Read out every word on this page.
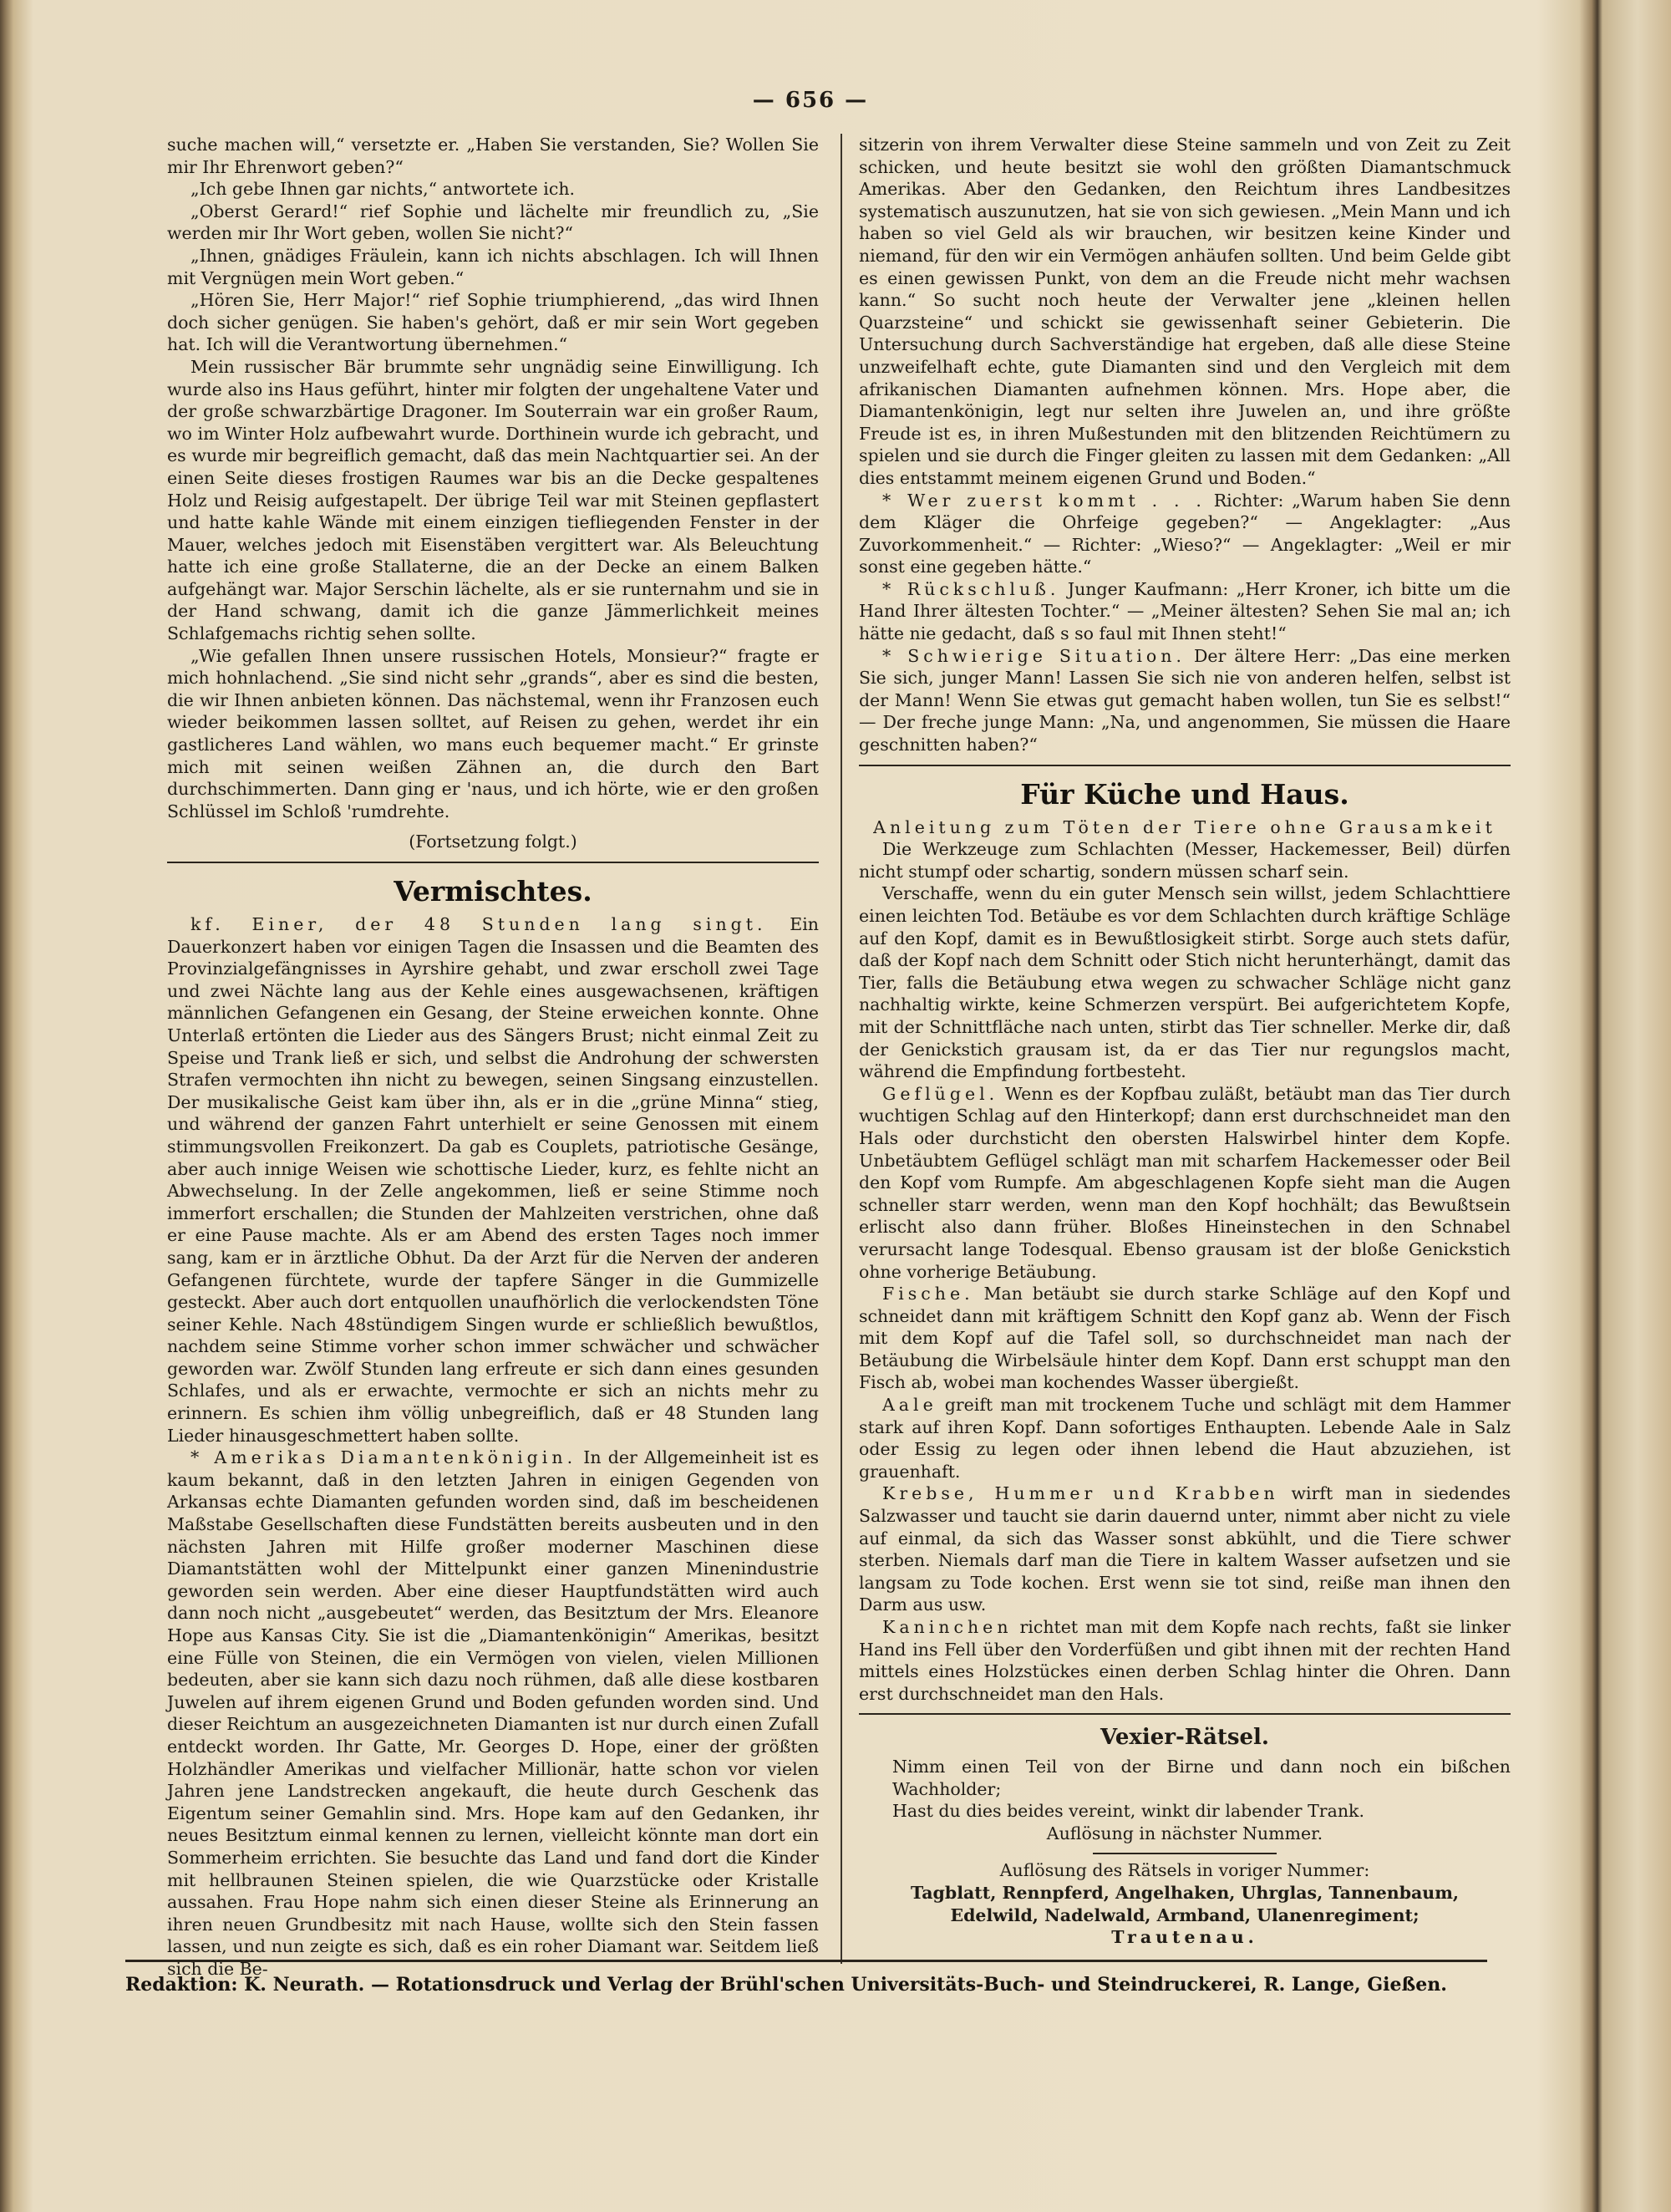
— 656 —

suche machen will,“ versetzte er. „Haben Sie verstanden, Sie? Wollen Sie mir Ihr Ehrenwort geben?“

„Ich gebe Ihnen gar nichts,“ antwortete ich.

„Oberst Gerard!“ rief Sophie und lächelte mir freundlich zu, „Sie werden mir Ihr Wort geben, wollen Sie nicht?“

„Ihnen, gnädiges Fräulein, kann ich nichts abschlagen. Ich will Ihnen mit Vergnügen mein Wort geben.“

„Hören Sie, Herr Major!“ rief Sophie triumphierend, „das wird Ihnen doch sicher genügen. Sie haben's gehört, daß er mir sein Wort gegeben hat. Ich will die Verantwortung übernehmen.“

Mein russischer Bär brummte sehr ungnädig seine Einwilligung. Ich wurde also ins Haus geführt, hinter mir folgten der ungehaltene Vater und der große schwarzbärtige Dragoner. Im Souterrain war ein großer Raum, wo im Winter Holz aufbewahrt wurde. Dorthinein wurde ich gebracht, und es wurde mir begreiflich gemacht, daß das mein Nachtquartier sei. An der einen Seite dieses frostigen Raumes war bis an die Decke gespaltenes Holz und Reisig aufgestapelt. Der übrige Teil war mit Steinen gepflastert und hatte kahle Wände mit einem einzigen tiefliegenden Fenster in der Mauer, welches jedoch mit Eisenstäben vergittert war. Als Beleuchtung hatte ich eine große Stallaterne, die an der Decke an einem Balken aufgehängt war. Major Serschin lächelte, als er sie runternahm und sie in der Hand schwang, damit ich die ganze Jämmerlichkeit meines Schlafgemachs richtig sehen sollte.

„Wie gefallen Ihnen unsere russischen Hotels, Monsieur?“ fragte er mich hohnlachend. „Sie sind nicht sehr „grands“, aber es sind die besten, die wir Ihnen anbieten können. Das nächstemal, wenn ihr Franzosen euch wieder beikommen lassen solltet, auf Reisen zu gehen, werdet ihr ein gastlicheres Land wählen, wo mans euch bequemer macht.“ Er grinste mich mit seinen weißen Zähnen an, die durch den Bart durchschimmerten. Dann ging er 'naus, und ich hörte, wie er den großen Schlüssel im Schloß 'rumdrehte.

(Fortsetzung folgt.)
Vermischtes.

kf. Einer, der 48 Stunden lang singt. Ein Dauerkonzert haben vor einigen Tagen die Insassen und die Beamten des Provinzialgefängnisses in Ayrshire gehabt, und zwar erscholl zwei Tage und zwei Nächte lang aus der Kehle eines ausgewachsenen, kräftigen männlichen Gefangenen ein Gesang, der Steine erweichen konnte. Ohne Unterlaß ertönten die Lieder aus des Sängers Brust; nicht einmal Zeit zu Speise und Trank ließ er sich, und selbst die Androhung der schwersten Strafen vermochten ihn nicht zu bewegen, seinen Singsang einzustellen. Der musikalische Geist kam über ihn, als er in die „grüne Minna“ stieg, und während der ganzen Fahrt unterhielt er seine Genossen mit einem stimmungsvollen Freikonzert. Da gab es Couplets, patriotische Gesänge, aber auch innige Weisen wie schottische Lieder, kurz, es fehlte nicht an Abwechselung. In der Zelle angekommen, ließ er seine Stimme noch immerfort erschallen; die Stunden der Mahlzeiten verstrichen, ohne daß er eine Pause machte. Als er am Abend des ersten Tages noch immer sang, kam er in ärztliche Obhut. Da der Arzt für die Nerven der anderen Gefangenen fürchtete, wurde der tapfere Sänger in die Gummizelle gesteckt. Aber auch dort entquollen unaufhörlich die verlockendsten Töne seiner Kehle. Nach 48stündigem Singen wurde er schließlich bewußtlos, nachdem seine Stimme vorher schon immer schwächer und schwächer geworden war. Zwölf Stunden lang erfreute er sich dann eines gesunden Schlafes, und als er erwachte, vermochte er sich an nichts mehr zu erinnern. Es schien ihm völlig unbegreiflich, daß er 48 Stunden lang Lieder hinausgeschmettert haben sollte.

* Amerikas Diamantenkönigin. In der Allgemeinheit ist es kaum bekannt, daß in den letzten Jahren in einigen Gegenden von Arkansas echte Diamanten gefunden worden sind, daß im bescheidenen Maßstabe Gesellschaften diese Fundstätten bereits ausbeuten und in den nächsten Jahren mit Hilfe großer moderner Maschinen diese Diamantstätten wohl der Mittelpunkt einer ganzen Minenindustrie geworden sein werden. Aber eine dieser Hauptfundstätten wird auch dann noch nicht „ausgebeutet“ werden, das Besitztum der Mrs. Eleanore Hope aus Kansas City. Sie ist die „Diamantenkönigin“ Amerikas, besitzt eine Fülle von Steinen, die ein Vermögen von vielen, vielen Millionen bedeuten, aber sie kann sich dazu noch rühmen, daß alle diese kostbaren Juwelen auf ihrem eigenen Grund und Boden gefunden worden sind. Und dieser Reichtum an ausgezeichneten Diamanten ist nur durch einen Zufall entdeckt worden. Ihr Gatte, Mr. Georges D. Hope, einer der größten Holzhändler Amerikas und vielfacher Millionär, hatte schon vor vielen Jahren jene Landstrecken angekauft, die heute durch Geschenk das Eigentum seiner Gemahlin sind. Mrs. Hope kam auf den Gedanken, ihr neues Besitztum einmal kennen zu lernen, vielleicht könnte man dort ein Sommerheim errichten. Sie besuchte das Land und fand dort die Kinder mit hellbraunen Steinen spielen, die wie Quarzstücke oder Kristalle aussahen. Frau Hope nahm sich einen dieser Steine als Erinnerung an ihren neuen Grundbesitz mit nach Hause, wollte sich den Stein fassen lassen, und nun zeigte es sich, daß es ein roher Diamant war. Seitdem ließ sich die Be-

sitzerin von ihrem Verwalter diese Steine sammeln und von Zeit zu Zeit schicken, und heute besitzt sie wohl den größten Diamantschmuck Amerikas. Aber den Gedanken, den Reichtum ihres Landbesitzes systematisch auszunutzen, hat sie von sich gewiesen. „Mein Mann und ich haben so viel Geld als wir brauchen, wir besitzen keine Kinder und niemand, für den wir ein Vermögen anhäufen sollten. Und beim Gelde gibt es einen gewissen Punkt, von dem an die Freude nicht mehr wachsen kann.“ So sucht noch heute der Verwalter jene „kleinen hellen Quarzsteine“ und schickt sie gewissenhaft seiner Gebieterin. Die Untersuchung durch Sachverständige hat ergeben, daß alle diese Steine unzweifelhaft echte, gute Diamanten sind und den Vergleich mit dem afrikanischen Diamanten aufnehmen können. Mrs. Hope aber, die Diamantenkönigin, legt nur selten ihre Juwelen an, und ihre größte Freude ist es, in ihren Mußestunden mit den blitzenden Reichtümern zu spielen und sie durch die Finger gleiten zu lassen mit dem Gedanken: „All dies entstammt meinem eigenen Grund und Boden.“

* Wer zuerst kommt . . . Richter: „Warum haben Sie denn dem Kläger die Ohrfeige gegeben?“ — Angeklagter: „Aus Zuvorkommenheit.“ — Richter: „Wieso?“ — Angeklagter: „Weil er mir sonst eine gegeben hätte.“

* Rückschluß. Junger Kaufmann: „Herr Kroner, ich bitte um die Hand Ihrer ältesten Tochter.“ — „Meiner ältesten? Sehen Sie mal an; ich hätte nie gedacht, daß s so faul mit Ihnen steht!“

* Schwierige Situation. Der ältere Herr: „Das eine merken Sie sich, junger Mann! Lassen Sie sich nie von anderen helfen, selbst ist der Mann! Wenn Sie etwas gut gemacht haben wollen, tun Sie es selbst!“ — Der freche junge Mann: „Na, und angenommen, Sie müssen die Haare geschnitten haben?“

Für Küche und Haus.

Anleitung zum Töten der Tiere ohne Grausamkeit

Die Werkzeuge zum Schlachten (Messer, Hackemesser, Beil) dürfen nicht stumpf oder schartig, sondern müssen scharf sein.

Verschaffe, wenn du ein guter Mensch sein willst, jedem Schlachttiere einen leichten Tod. Betäube es vor dem Schlachten durch kräftige Schläge auf den Kopf, damit es in Bewußtlosigkeit stirbt. Sorge auch stets dafür, daß der Kopf nach dem Schnitt oder Stich nicht herunterhängt, damit das Tier, falls die Betäubung etwa wegen zu schwacher Schläge nicht ganz nachhaltig wirkte, keine Schmerzen verspürt. Bei aufgerichtetem Kopfe, mit der Schnittfläche nach unten, stirbt das Tier schneller. Merke dir, daß der Genickstich grausam ist, da er das Tier nur regungslos macht, während die Empfindung fortbesteht.

Geflügel. Wenn es der Kopfbau zuläßt, betäubt man das Tier durch wuchtigen Schlag auf den Hinterkopf; dann erst durchschneidet man den Hals oder durchsticht den obersten Halswirbel hinter dem Kopfe. Unbetäubtem Geflügel schlägt man mit scharfem Hackemesser oder Beil den Kopf vom Rumpfe. Am abgeschlagenen Kopfe sieht man die Augen schneller starr werden, wenn man den Kopf hochhält; das Bewußtsein erlischt also dann früher. Bloßes Hineinstechen in den Schnabel verursacht lange Todesqual. Ebenso grausam ist der bloße Genickstich ohne vorherige Betäubung.

Fische. Man betäubt sie durch starke Schläge auf den Kopf und schneidet dann mit kräftigem Schnitt den Kopf ganz ab. Wenn der Fisch mit dem Kopf auf die Tafel soll, so durchschneidet man nach der Betäubung die Wirbelsäule hinter dem Kopf. Dann erst schuppt man den Fisch ab, wobei man kochendes Wasser übergießt.

Aale greift man mit trockenem Tuche und schlägt mit dem Hammer stark auf ihren Kopf. Dann sofortiges Enthaupten. Lebende Aale in Salz oder Essig zu legen oder ihnen lebend die Haut abzuziehen, ist grauenhaft.

Krebse, Hummer und Krabben wirft man in siedendes Salzwasser und taucht sie darin dauernd unter, nimmt aber nicht zu viele auf einmal, da sich das Wasser sonst abkühlt, und die Tiere schwer sterben. Niemals darf man die Tiere in kaltem Wasser aufsetzen und sie langsam zu Tode kochen. Erst wenn sie tot sind, reiße man ihnen den Darm aus usw.

Kaninchen richtet man mit dem Kopfe nach rechts, faßt sie linker Hand ins Fell über den Vorderfüßen und gibt ihnen mit der rechten Hand mittels eines Holzstückes einen derben Schlag hinter die Ohren. Dann erst durchschneidet man den Hals.

Vexier-Rätsel.

Nimm einen Teil von der Birne und dann noch ein bißchen Wachholder;

Hast du dies beides vereint, winkt dir labender Trank.

Auflösung in nächster Nummer.

Auflösung des Rätsels in voriger Nummer:

Tagblatt, Rennpferd, Angelhaken, Uhrglas, Tannenbaum,

Edelwild, Nadelwald, Armband, Ulanenregiment;

Trautenau.

Redaktion: K. Neurath. — Rotationsdruck und Verlag der Brühl'schen Universitäts-Buch- und Steindruckerei, R. Lange, Gießen.
